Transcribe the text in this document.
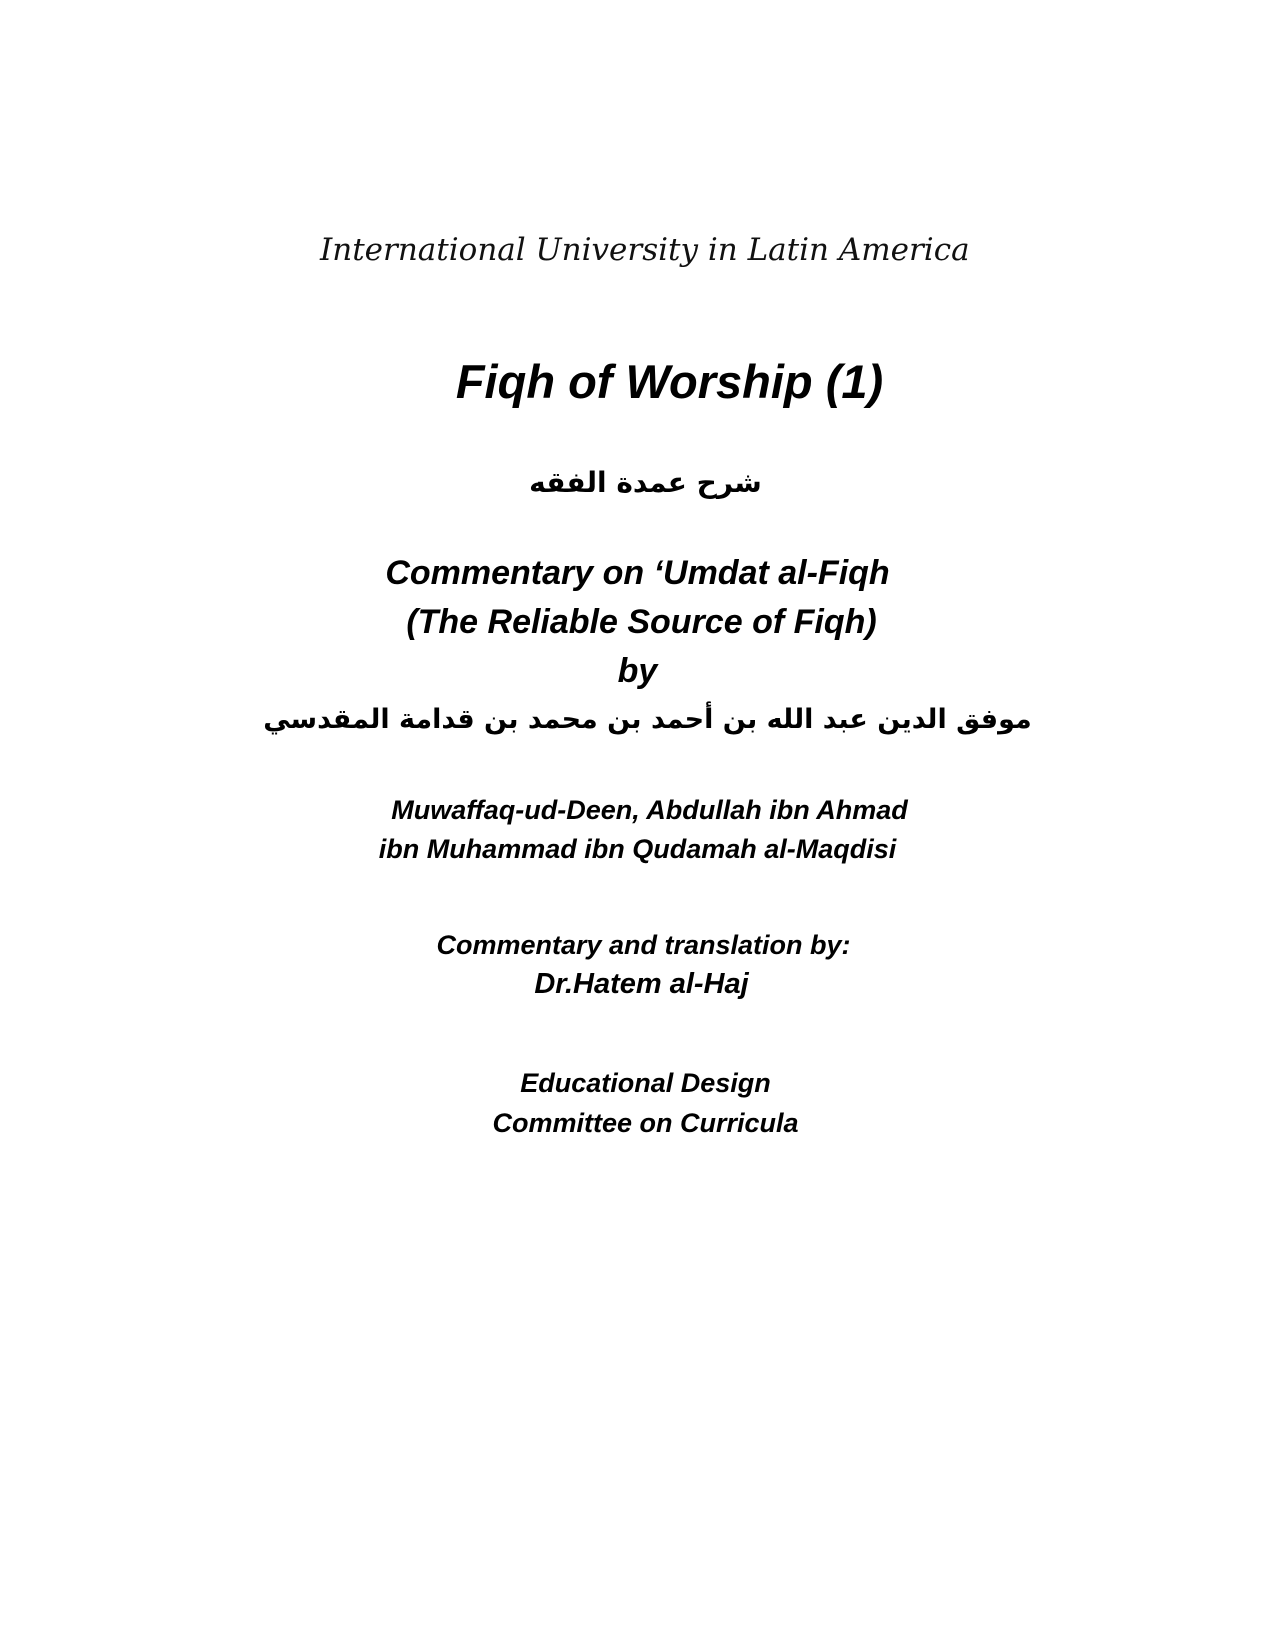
International University in Latin America

Fiqh of Worship (1)

شرح عمدة الفقه

Commentary on ‘Umdat al-Fiqh

(The Reliable Source of Fiqh)

by

موفق الدين عبد الله بن أحمد بن محمد بن قدامة المقدسي

Muwaffaq-ud-Deen, Abdullah ibn Ahmad

ibn Muhammad ibn Qudamah al-Maqdisi

Commentary and translation by:

Dr.Hatem al-Haj

Educational Design

Committee on Curricula
